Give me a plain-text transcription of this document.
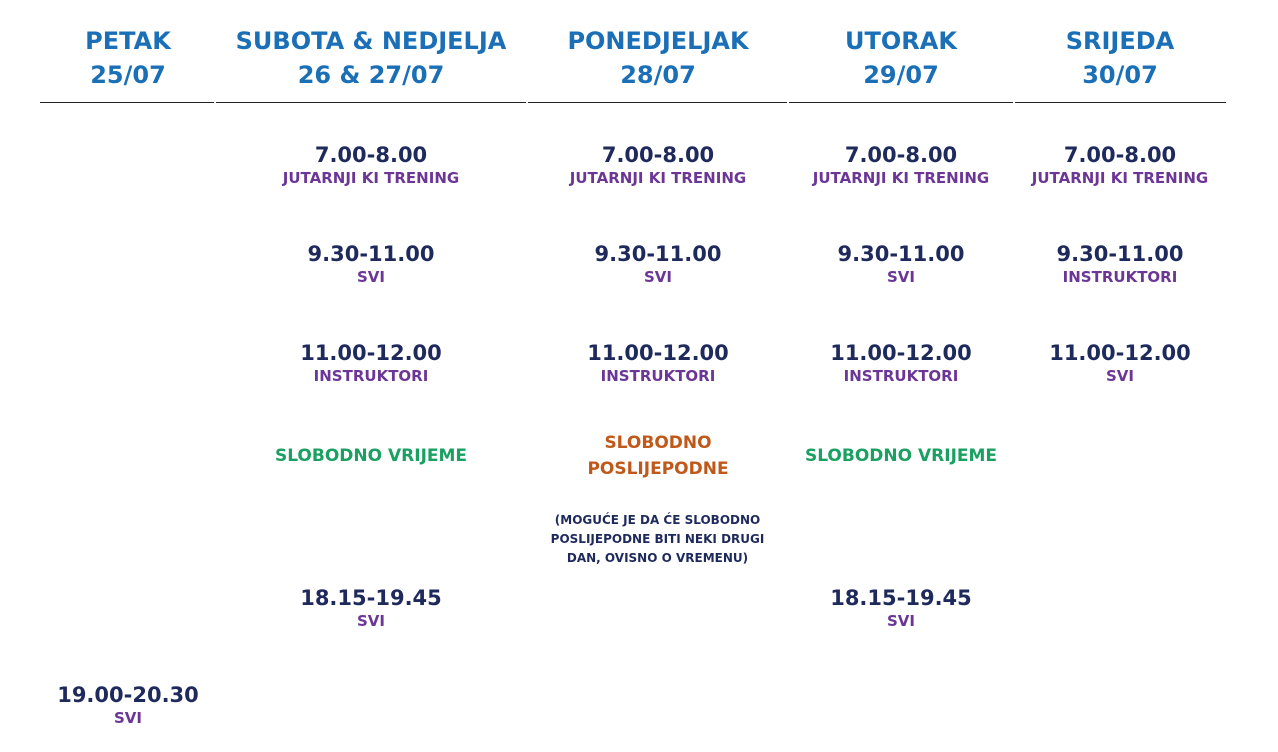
PETAK
25/07
SUBOTA & NEDJELJA
26 & 27/07
PONEDJELJAK
28/07
UTORAK
29/07
SRIJEDA
30/07
7.00-8.00
JUTARNJI KI TRENING
9.30-11.00
SVI
11.00-12.00
INSTRUKTORI
SLOBODNO VRIJEME
18.15-19.45
SVI
7.00-8.00
JUTARNJI KI TRENING
9.30-11.00
SVI
11.00-12.00
INSTRUKTORI
SLOBODNO
POSLIJEPODNE
(MOGUĆE JE DA ĆE SLOBODNO
POSLIJEPODNE BITI NEKI DRUGI
DAN, OVISNO O VREMENU)
7.00-8.00
JUTARNJI KI TRENING
9.30-11.00
SVI
11.00-12.00
INSTRUKTORI
SLOBODNO VRIJEME
18.15-19.45
SVI
7.00-8.00
JUTARNJI KI TRENING
9.30-11.00
INSTRUKTORI
11.00-12.00
SVI
19.00-20.30
SVI
